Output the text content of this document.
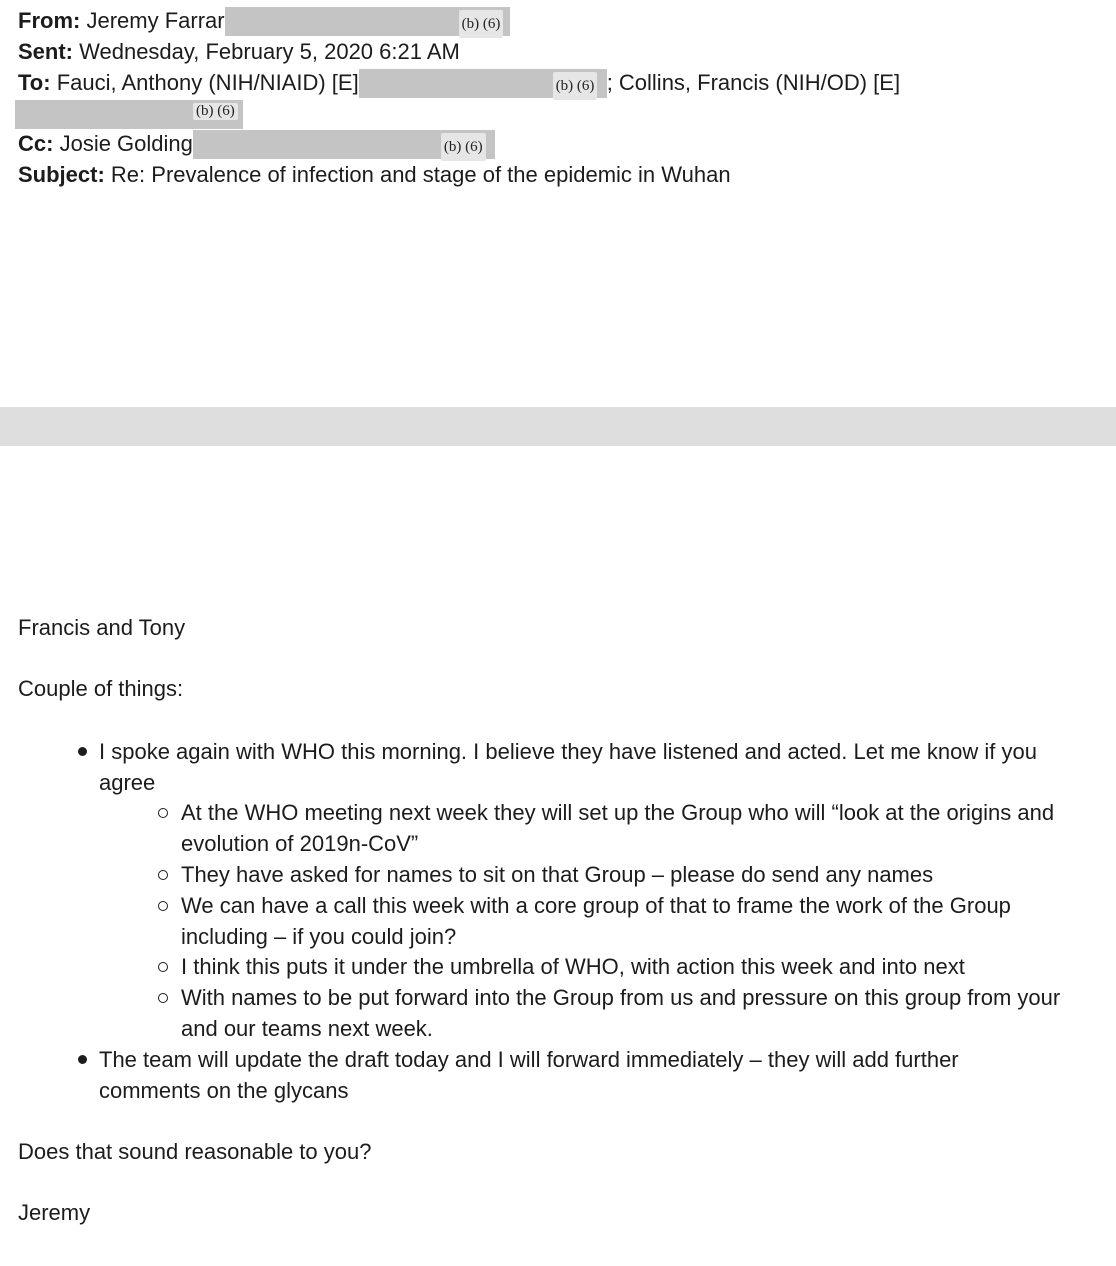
From: Jeremy Farrar	(b) (6)
Sent: Wednesday, February 5, 2020 6:21 AM
To: Fauci, Anthony (NIH/NIAID) [E]	(b) (6) ; Collins, Francis (NIH/OD) [E]
(b) (6)
Cc: Josie Golding	(b) (6)
Subject: Re: Prevalence of infection and stage of the epidemic in Wuhan
Francis and Tony
Couple of things:
I spoke again with WHO this morning. I believe they have listened and acted. Let me know if you agree
At the WHO meeting next week they will set up the Group who will “look at the origins and evolution of 2019n-CoV”
They have asked for names to sit on that Group – please do send any names
We can have a call this week with a core group of that to frame the work of the Group including – if you could join?
I think this puts it under the umbrella of WHO, with action this week and into next
With names to be put forward into the Group from us and pressure on this group from your and our teams next week.
The team will update the draft today and I will forward immediately – they will add further comments on the glycans
Does that sound reasonable to you?
Jeremy
